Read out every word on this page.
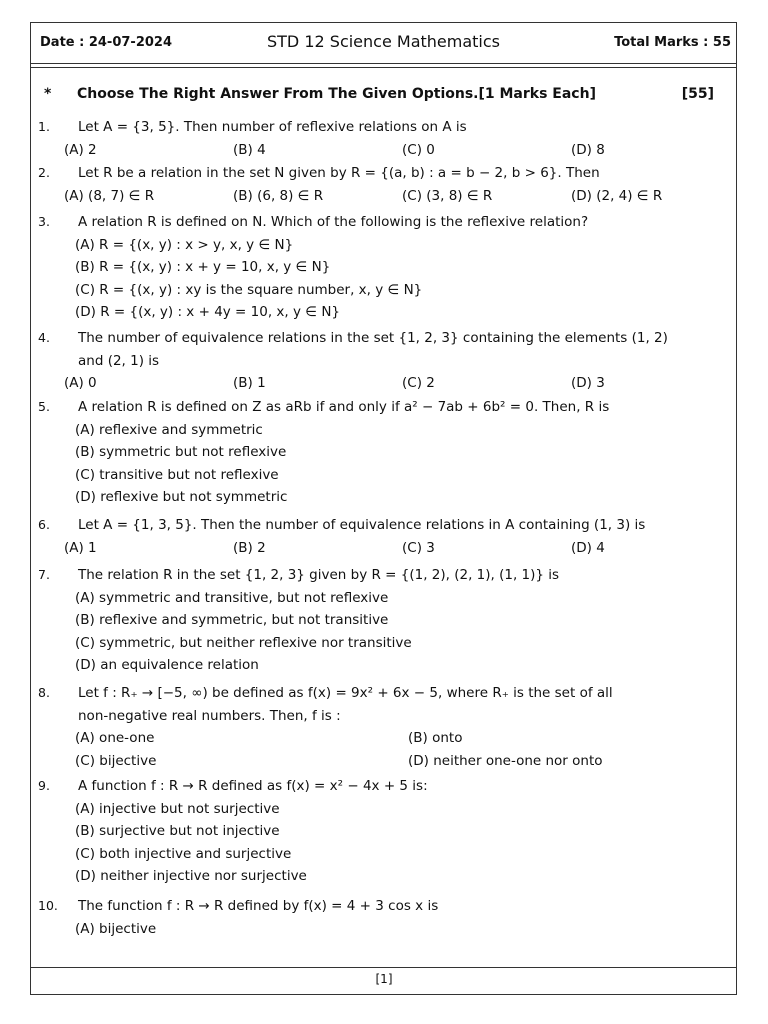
Date : 24-07-2024	STD 12 Science Mathematics	Total Marks : 55
* Choose The Right Answer From The Given Options.[1 Marks Each]	[55]
1. Let A = {3, 5}. Then number of reflexive relations on A is
(A) 2	(B) 4	(C) 0	(D) 8
2. Let R be a relation in the set N given by R = {(a, b) : a = b − 2, b > 6}. Then
(A) (8, 7) ∈ R	(B) (6, 8) ∈ R	(C) (3, 8) ∈ R	(D) (2, 4) ∈ R
3. A relation R is defined on N. Which of the following is the reflexive relation?
(A) R = {(x, y) : x > y, x, y ∈ N}
(B) R = {(x, y) : x + y = 10, x, y ∈ N}
(C) R = {(x, y) : xy is the square number, x, y ∈ N}
(D) R = {(x, y) : x + 4y = 10, x, y ∈ N}
4. The number of equivalence relations in the set {1, 2, 3} containing the elements (1, 2)
and (2, 1) is
(A) 0	(B) 1	(C) 2	(D) 3
5. A relation R is defined on Z as aRb if and only if a² − 7ab + 6b² = 0. Then, R is
(A) reflexive and symmetric
(B) symmetric but not reflexive
(C) transitive but not reflexive
(D) reflexive but not symmetric
6. Let A = {1, 3, 5}. Then the number of equivalence relations in A containing (1, 3) is
(A) 1	(B) 2	(C) 3	(D) 4
7. The relation R in the set {1, 2, 3} given by R = {(1, 2), (2, 1), (1, 1)} is
(A) symmetric and transitive, but not reflexive
(B) reflexive and symmetric, but not transitive
(C) symmetric, but neither reflexive nor transitive
(D) an equivalence relation
8. Let f : R₊ → [−5, ∞) be defined as f(x) = 9x² + 6x − 5, where R₊ is the set of all
non-negative real numbers. Then, f is :
(A) one-one	(B) onto
(C) bijective	(D) neither one-one nor onto
9. A function f : R → R defined as f(x) = x² − 4x + 5 is:
(A) injective but not surjective
(B) surjective but not injective
(C) both injective and surjective
(D) neither injective nor surjective
10. The function f : R → R defined by f(x) = 4 + 3 cos x is
(A) bijective
[1]
